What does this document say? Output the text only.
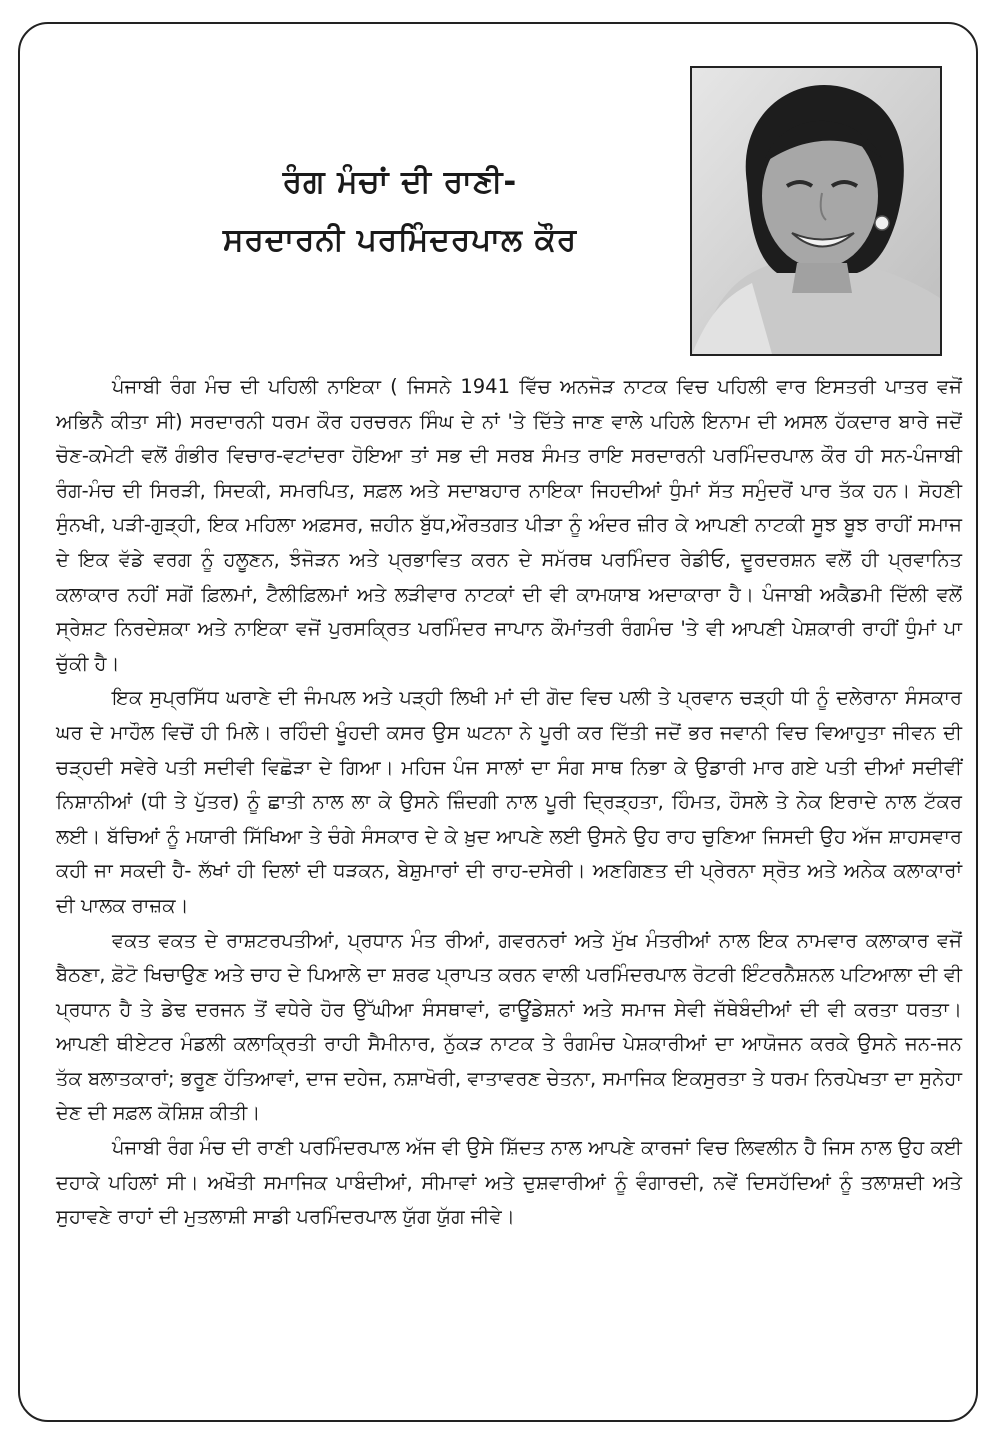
ਰੰਗ ਮੰਚਾਂ ਦੀ ਰਾਣੀ-
ਸਰਦਾਰਨੀ ਪਰਮਿੰਦਰਪਾਲ ਕੌਰ

ਪੰਜਾਬੀ ਰੰਗ ਮੰਚ ਦੀ ਪਹਿਲੀ ਨਾਇਕਾ ( ਜਿਸਨੇ 1941 ਵਿੱਚ ਅਨਜੋੜ ਨਾਟਕ ਵਿਚ ਪਹਿਲੀ ਵਾਰ ਇਸਤਰੀ ਪਾਤਰ ਵਜੋਂ ਅਭਿਨੈ ਕੀਤਾ ਸੀ) ਸਰਦਾਰਨੀ ਧਰਮ ਕੌਰ ਹਰਚਰਨ ਸਿੰਘ ਦੇ ਨਾਂ 'ਤੇ ਦਿੱਤੇ ਜਾਣ ਵਾਲੇ ਪਹਿਲੇ ਇਨਾਮ ਦੀ ਅਸਲ ਹੱਕਦਾਰ ਬਾਰੇ ਜਦੋਂ ਚੋਣ-ਕਮੇਟੀ ਵਲੋਂ ਗੰਭੀਰ ਵਿਚਾਰ-ਵਟਾਂਦਰਾ ਹੋਇਆ ਤਾਂ ਸਭ ਦੀ ਸਰਬ ਸੰਮਤ ਰਾਇ ਸਰਦਾਰਨੀ ਪਰਮਿੰਦਰਪਾਲ ਕੌਰ ਹੀ ਸਨ-ਪੰਜਾਬੀ ਰੰਗ-ਮੰਚ ਦੀ ਸਿਰੜੀ, ਸਿਦਕੀ, ਸਮਰਪਿਤ, ਸਫ਼ਲ ਅਤੇ ਸਦਾਬਹਾਰ ਨਾਇਕਾ ਜਿਹਦੀਆਂ ਧੁੰਮਾਂ ਸੱਤ ਸਮੁੰਦਰੋਂ ਪਾਰ ਤੱਕ ਹਨ। ਸੋਹਣੀ ਸੁੰਨਖੀ, ਪੜੀ-ਗੁੜ੍ਹੀ, ਇਕ ਮਹਿਲਾ ਅਫ਼ਸਰ, ਜ਼ਹੀਨ ਬੁੱਧ,ਔਰਤਗਤ ਪੀੜਾ ਨੂੰ ਅੰਦਰ ਜ਼ੀਰ ਕੇ ਆਪਣੀ ਨਾਟਕੀ ਸੂਝ ਬੂਝ ਰਾਹੀਂ ਸਮਾਜ ਦੇ ਇਕ ਵੱਡੇ ਵਰਗ ਨੂੰ ਹਲੂਣਨ, ਝੰਜੋੜਨ ਅਤੇ ਪ੍ਰਭਾਵਿਤ ਕਰਨ ਦੇ ਸਮੱਰਥ ਪਰਮਿੰਦਰ ਰੇਡੀਓ, ਦੂਰਦਰਸ਼ਨ ਵਲੋਂ ਹੀ ਪ੍ਰਵਾਨਿਤ ਕਲਾਕਾਰ ਨਹੀਂ ਸਗੋਂ ਫ਼ਿਲਮਾਂ, ਟੈਲੀਫ਼ਿਲਮਾਂ ਅਤੇ ਲੜੀਵਾਰ ਨਾਟਕਾਂ ਦੀ ਵੀ ਕਾਮਯਾਬ ਅਦਾਕਾਰਾ ਹੈ। ਪੰਜਾਬੀ ਅਕੈਡਮੀ ਦਿੱਲੀ ਵਲੋਂ ਸ੍ਰੇਸ਼ਟ ਨਿਰਦੇਸ਼ਕਾ ਅਤੇ ਨਾਇਕਾ ਵਜੋਂ ਪੁਰਸਕ੍ਰਿਤ ਪਰਮਿੰਦਰ ਜਾਪਾਨ ਕੌਮਾਂਤਰੀ ਰੰਗਮੰਚ 'ਤੇ ਵੀ ਆਪਣੀ ਪੇਸ਼ਕਾਰੀ ਰਾਹੀਂ ਧੁੰਮਾਂ ਪਾ ਚੁੱਕੀ ਹੈ।

ਇਕ ਸੁਪ੍ਰਸਿੱਧ ਘਰਾਣੇ ਦੀ ਜੰਮਪਲ ਅਤੇ ਪੜ੍ਹੀ ਲਿਖੀ ਮਾਂ ਦੀ ਗੋਦ ਵਿਚ ਪਲੀ ਤੇ ਪ੍ਰਵਾਨ ਚੜ੍ਹੀ ਧੀ ਨੂੰ ਦਲੇਰਾਨਾ ਸੰਸਕਾਰ ਘਰ ਦੇ ਮਾਹੌਲ ਵਿਚੋਂ ਹੀ ਮਿਲੇ। ਰਹਿੰਦੀ ਖੂੰਹਦੀ ਕਸਰ ਉਸ ਘਟਨਾ ਨੇ ਪੂਰੀ ਕਰ ਦਿੱਤੀ ਜਦੋਂ ਭਰ ਜਵਾਨੀ ਵਿਚ ਵਿਆਹੁਤਾ ਜੀਵਨ ਦੀ ਚੜ੍ਹਦੀ ਸਵੇਰੇ ਪਤੀ ਸਦੀਵੀ ਵਿਛੋੜਾ ਦੇ ਗਿਆ। ਮਹਿਜ ਪੰਜ ਸਾਲਾਂ ਦਾ ਸੰਗ ਸਾਥ ਨਿਭਾ ਕੇ ਉਡਾਰੀ ਮਾਰ ਗਏ ਪਤੀ ਦੀਆਂ ਸਦੀਵੀਂ ਨਿਸ਼ਾਨੀਆਂ (ਧੀ ਤੇ ਪੁੱਤਰ) ਨੂੰ ਛਾਤੀ ਨਾਲ ਲਾ ਕੇ ਉਸਨੇ ਜ਼ਿੰਦਗੀ ਨਾਲ ਪੂਰੀ ਦ੍ਰਿੜ੍ਹਤਾ, ਹਿੰਮਤ, ਹੌਸਲੇ ਤੇ ਨੇਕ ਇਰਾਦੇ ਨਾਲ ਟੱਕਰ ਲਈ। ਬੱਚਿਆਂ ਨੂੰ ਮਯਾਰੀ ਸਿੱਖਿਆ ਤੇ ਚੰਗੇ ਸੰਸਕਾਰ ਦੇ ਕੇ ਖ਼ੁਦ ਆਪਣੇ ਲਈ ਉਸਨੇ ਉਹ ਰਾਹ ਚੁਣਿਆ ਜਿਸਦੀ ਉਹ ਅੱਜ ਸ਼ਾਹਸਵਾਰ ਕਹੀ ਜਾ ਸਕਦੀ ਹੈ- ਲੱਖਾਂ ਹੀ ਦਿਲਾਂ ਦੀ ਧੜਕਨ, ਬੇਸ਼ੁਮਾਰਾਂ ਦੀ ਰਾਹ-ਦਸੇਰੀ। ਅਣਗਿਣਤ ਦੀ ਪ੍ਰੇਰਨਾ ਸ੍ਰੋਤ ਅਤੇ ਅਨੇਕ ਕਲਾਕਾਰਾਂ ਦੀ ਪਾਲਕ ਰਾਜ਼ਕ।

ਵਕਤ ਵਕਤ ਦੇ ਰਾਸ਼ਟਰਪਤੀਆਂ, ਪ੍ਰਧਾਨ ਮੰਤ ਰੀਆਂ, ਗਵਰਨਰਾਂ ਅਤੇ ਮੁੱਖ ਮੰਤਰੀਆਂ ਨਾਲ ਇਕ ਨਾਮਵਾਰ ਕਲਾਕਾਰ ਵਜੋਂ ਬੈਠਣਾ, ਫ਼ੋਟੋ ਖਿਚਾਉਣ ਅਤੇ ਚਾਹ ਦੇ ਪਿਆਲੇ ਦਾ ਸ਼ਰਫ ਪ੍ਰਾਪਤ ਕਰਨ ਵਾਲੀ ਪਰਮਿੰਦਰਪਾਲ ਰੋਟਰੀ ਇੰਟਰਨੈਸ਼ਨਲ ਪਟਿਆਲਾ ਦੀ ਵੀ ਪ੍ਰਧਾਨ ਹੈ ਤੇ ਡੇਢ ਦਰਜਨ ਤੋਂ ਵਧੇਰੇ ਹੋਰ ਉੱਘੀਆ ਸੰਸਥਾਵਾਂ, ਫਾਊਂਡੇਸ਼ਨਾਂ ਅਤੇ ਸਮਾਜ ਸੇਵੀ ਜੱਥੇਬੰਦੀਆਂ ਦੀ ਵੀ ਕਰਤਾ ਧਰਤਾ। ਆਪਣੀ ਥੀਏਟਰ ਮੰਡਲੀ ਕਲਾਕ੍ਰਿਤੀ ਰਾਹੀ ਸੈਮੀਨਾਰ, ਨੁੱਕੜ ਨਾਟਕ ਤੇ ਰੰਗਮੰਚ ਪੇਸ਼ਕਾਰੀਆਂ ਦਾ ਆਯੋਜਨ ਕਰਕੇ ਉਸਨੇ ਜਨ-ਜਨ ਤੱਕ ਬਲਾਤਕਾਰਾਂ; ਭਰੂਣ ਹੱਤਿਆਵਾਂ, ਦਾਜ ਦਹੇਜ, ਨਸ਼ਾਖੋਰੀ, ਵਾਤਾਵਰਣ ਚੇਤਨਾ, ਸਮਾਜਿਕ ਇਕਸੁਰਤਾ ਤੇ ਧਰਮ ਨਿਰਪੇਖਤਾ ਦਾ ਸੁਨੇਹਾ ਦੇਣ ਦੀ ਸਫ਼ਲ ਕੋਸ਼ਿਸ਼ ਕੀਤੀ।

ਪੰਜਾਬੀ ਰੰਗ ਮੰਚ ਦੀ ਰਾਣੀ ਪਰਮਿੰਦਰਪਾਲ ਅੱਜ ਵੀ ਉਸੇ ਸ਼ਿੱਦਤ ਨਾਲ ਆਪਣੇ ਕਾਰਜਾਂ ਵਿਚ ਲਿਵਲੀਨ ਹੈ ਜਿਸ ਨਾਲ ਉਹ ਕਈ ਦਹਾਕੇ ਪਹਿਲਾਂ ਸੀ। ਅਖੌਤੀ ਸਮਾਜਿਕ ਪਾਬੰਦੀਆਂ, ਸੀਮਾਵਾਂ ਅਤੇ ਦੁਸ਼ਵਾਰੀਆਂ ਨੂੰ ਵੰਗਾਰਦੀ, ਨਵੇਂ ਦਿਸਹੱਦਿਆਂ ਨੂੰ ਤਲਾਸ਼ਦੀ ਅਤੇ ਸੁਹਾਵਣੇ ਰਾਹਾਂ ਦੀ ਮੁਤਲਾਸ਼ੀ ਸਾਡੀ ਪਰਮਿੰਦਰਪਾਲ ਯੁੱਗ ਯੁੱਗ ਜੀਵੇ।
